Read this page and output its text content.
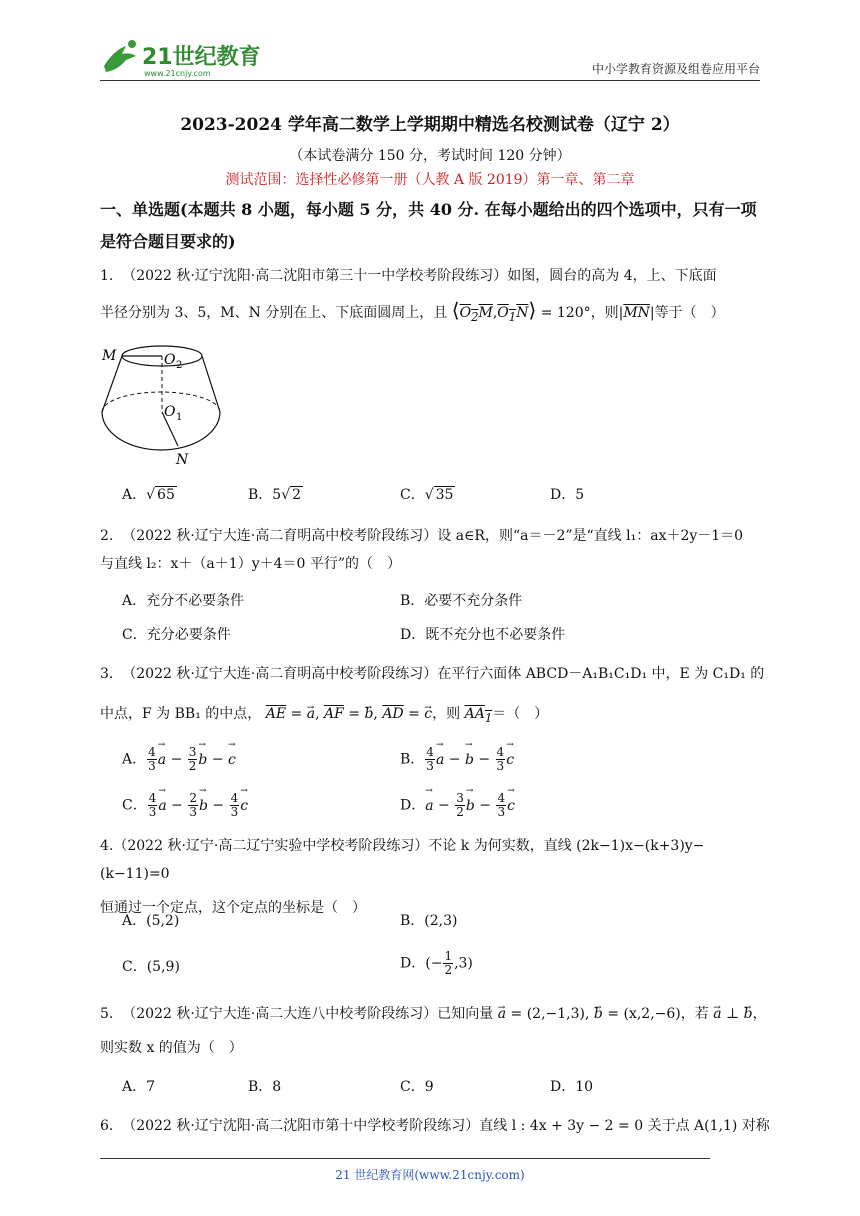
21世纪教育
www.21cnjy.com	中小学教育资源及组卷应用平台
2023-2024 学年高二数学上学期期中精选名校测试卷（辽宁 2）
（本试卷满分 150 分，考试时间 120 分钟）
测试范围：选择性必修第一册（人教 A 版 2019）第一章、第二章
一、单选题(本题共 8 小题，每小题 5 分，共 40 分. 在每小题给出的四个选项中，只有一项是符合题目要求的)
1. （2022 秋·辽宁沈阳·高二沈阳市第三十一中学校考阶段练习）如图，圆台的高为 4，上、下底面
半径分别为 3、5，M、N 分别在上、下底面圆周上，且 $⟨O_2M,O_1N⟩ = 120^\circ$，则$|\overline{MN}|$等于（　）
M	O 2
O 1
N
A．√ 65	B．5√ 2	C．√ 35	D．5
2. （2022 秋·辽宁大连·高二育明高中校考阶段练习）设 a∈R，则“a＝－2”是“直线 l₁：ax＋2y－1＝0
与直线 l₂：x＋（a＋1）y＋4＝0 平行”的（　）
A．充分不必要条件	B．必要不充分条件
C．充分必要条件	D．既不充分也不必要条件
3. （2022 秋·辽宁大连·高二育明高中校考阶段练习）在平行六面体 ABCD－A₁B₁C₁D₁ 中，E 为 C₁D₁ 的
中点，F 为 BB₁ 的中点， $\overline{AE}$ = → a, $\overline{AF}$ = → b, $\overline{AD}$ = → c，则 $AA_1=$（　）
A． $\frac{4}{3} \to a - \frac{3}{2} \to b$ − → c	B． $\frac{4}{3} \to a$ − → $b - \frac{4}{3} \to c$
C． $\frac{4}{3} \to a - \frac{2}{3} \to b - \frac{4}{3} \to c$	D．→ $a - \frac{3}{2} \to b - \frac{4}{3} \to c$
4.（2022 秋·辽宁·高二辽宁实验中学校考阶段练习）不论 k 为何实数，直线 (2k−1)x−(k+3)y−(k−11)=0
恒通过一个定点，这个定点的坐标是（　）
A．(5,2)	B．(2,3)
C．(5,9)	D．(− $\frac{1}{2} ,3$)
5. （2022 秋·辽宁大连·高二大连八中校考阶段练习）已知向量 → a = (2,−1,3), → b = (x,2,−6)，若 → a ⊥ → b，
则实数 x 的值为（　）
A．7	B．8	C．9	D．10
6. （2022 秋·辽宁沈阳·高二沈阳市第十中学校考阶段练习）直线 l : 4x + 3y − 2 = 0 关于点 A(1,1) 对称
21 世纪教育网(www.21cnjy.com)
